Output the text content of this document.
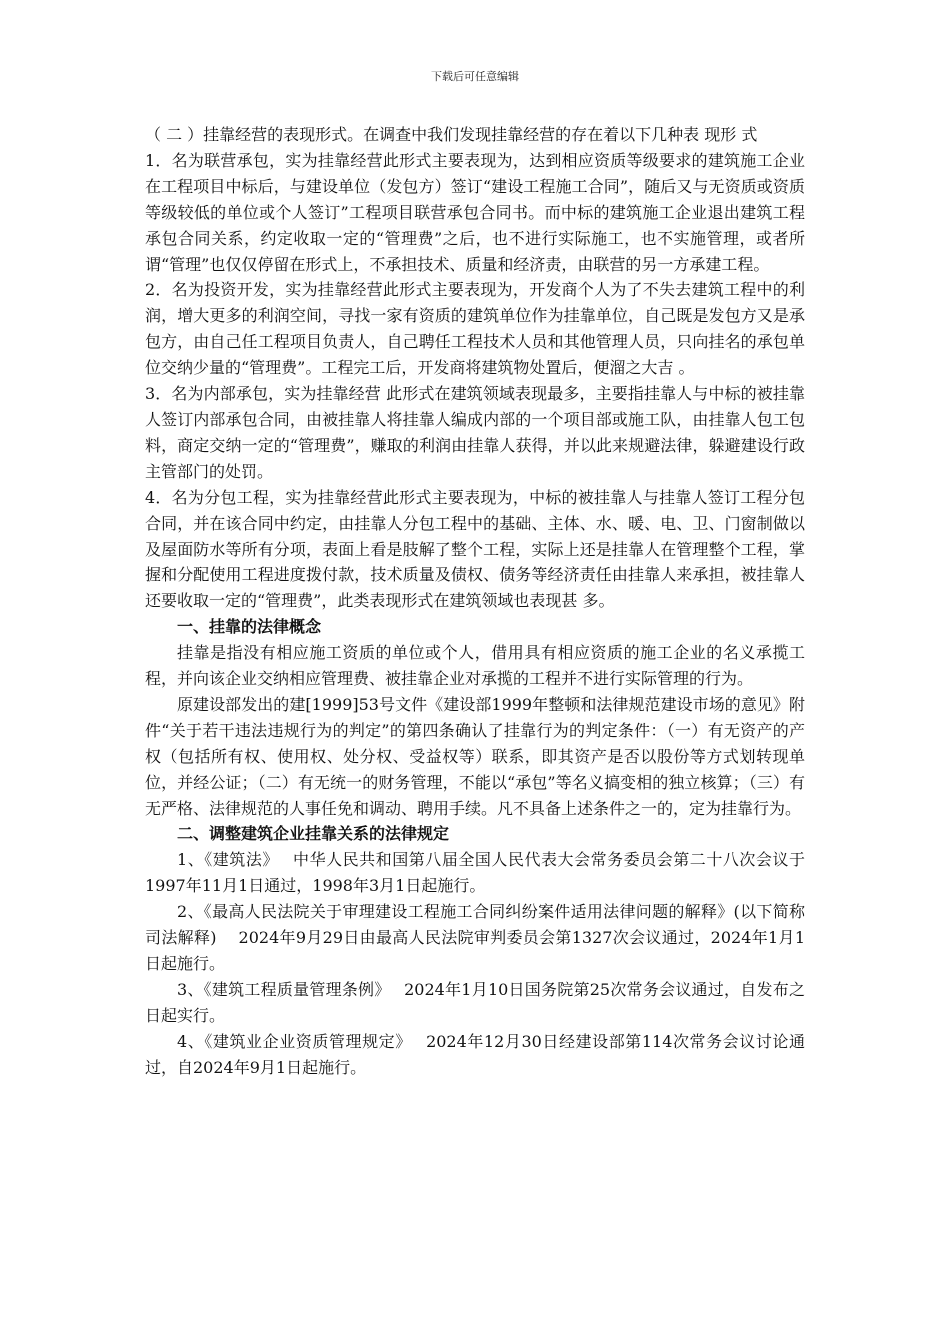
下载后可任意编辑

（ 二 ）挂靠经营的表现形式。在调查中我们发现挂靠经营的存在着以下几种表 现形 式

1．名为联营承包，实为挂靠经营此形式主要表现为，达到相应资质等级要求的建筑施工企业在工程项目中标后，与建设单位（发包方）签订“建设工程施工合同”，随后又与无资质或资质等级较低的单位或个人签订”工程项目联营承包合同书。而中标的建筑施工企业退出建筑工程承包合同关系，约定收取一定的“管理费”之后，也不进行实际施工，也不实施管理，或者所谓“管理”也仅仅停留在形式上，不承担技术、质量和经济责，由联营的另一方承建工程。

2．名为投资开发，实为挂靠经营此形式主要表现为，开发商个人为了不失去建筑工程中的利润，增大更多的利润空间，寻找一家有资质的建筑单位作为挂靠单位，自己既是发包方又是承包方，由自己任工程项目负责人，自己聘任工程技术人员和其他管理人员，只向挂名的承包单位交纳少量的“管理费”。工程完工后，开发商将建筑物处置后，便溜之大吉 。

3．名为内部承包，实为挂靠经营 此形式在建筑领域表现最多，主要指挂靠人与中标的被挂靠人签订内部承包合同，由被挂靠人将挂靠人编成内部的一个项目部或施工队，由挂靠人包工包料，商定交纳一定的“管理费”，赚取的利润由挂靠人获得，并以此来规避法律，躲避建设行政主管部门的处罚。

4．名为分包工程，实为挂靠经营此形式主要表现为，中标的被挂靠人与挂靠人签订工程分包合同，并在该合同中约定，由挂靠人分包工程中的基础、主体、水、暖、电、卫、门窗制做以及屋面防水等所有分项，表面上看是肢解了整个工程，实际上还是挂靠人在管理整个工程，掌握和分配使用工程进度拨付款，技术质量及债权、债务等经济责任由挂靠人来承担，被挂靠人还要收取一定的“管理费”，此类表现形式在建筑领域也表现甚 多。

一、挂靠的法律概念

挂靠是指没有相应施工资质的单位或个人，借用具有相应资质的施工企业的名义承揽工程，并向该企业交纳相应管理费、被挂靠企业对承揽的工程并不进行实际管理的行为。

原建设部发出的建[1999]53号文件《建设部1999年整顿和法律规范建设市场的意见》附件“关于若干违法违规行为的判定”的第四条确认了挂靠行为的判定条件：（一）有无资产的产权（包括所有权、使用权、处分权、受益权等）联系，即其资产是否以股份等方式划转现单位，并经公证；（二）有无统一的财务管理，不能以“承包”等名义搞变相的独立核算；（三）有无严格、法律规范的人事任免和调动、聘用手续。凡不具备上述条件之一的，定为挂靠行为。

二、调整建筑企业挂靠关系的法律规定

1、《建筑法》　 中华人民共和国第八届全国人民代表大会常务委员会第二十八次会议于1997年11月1日通过，1998年3月1日起施行。

2、《最高人民法院关于审理建设工程施工合同纠纷案件适用法律问题的解释》(以下简称司法解释)　 2024年9月29日由最高人民法院审判委员会第1327次会议通过，2024年1月1日起施行。

3、《建筑工程质量管理条例》　 2024年1月10日国务院第25次常务会议通过，自发布之日起实行。

4、《建筑业企业资质管理规定》　 2024年12月30日经建设部第114次常务会议讨论通过，自2024年9月1日起施行。
